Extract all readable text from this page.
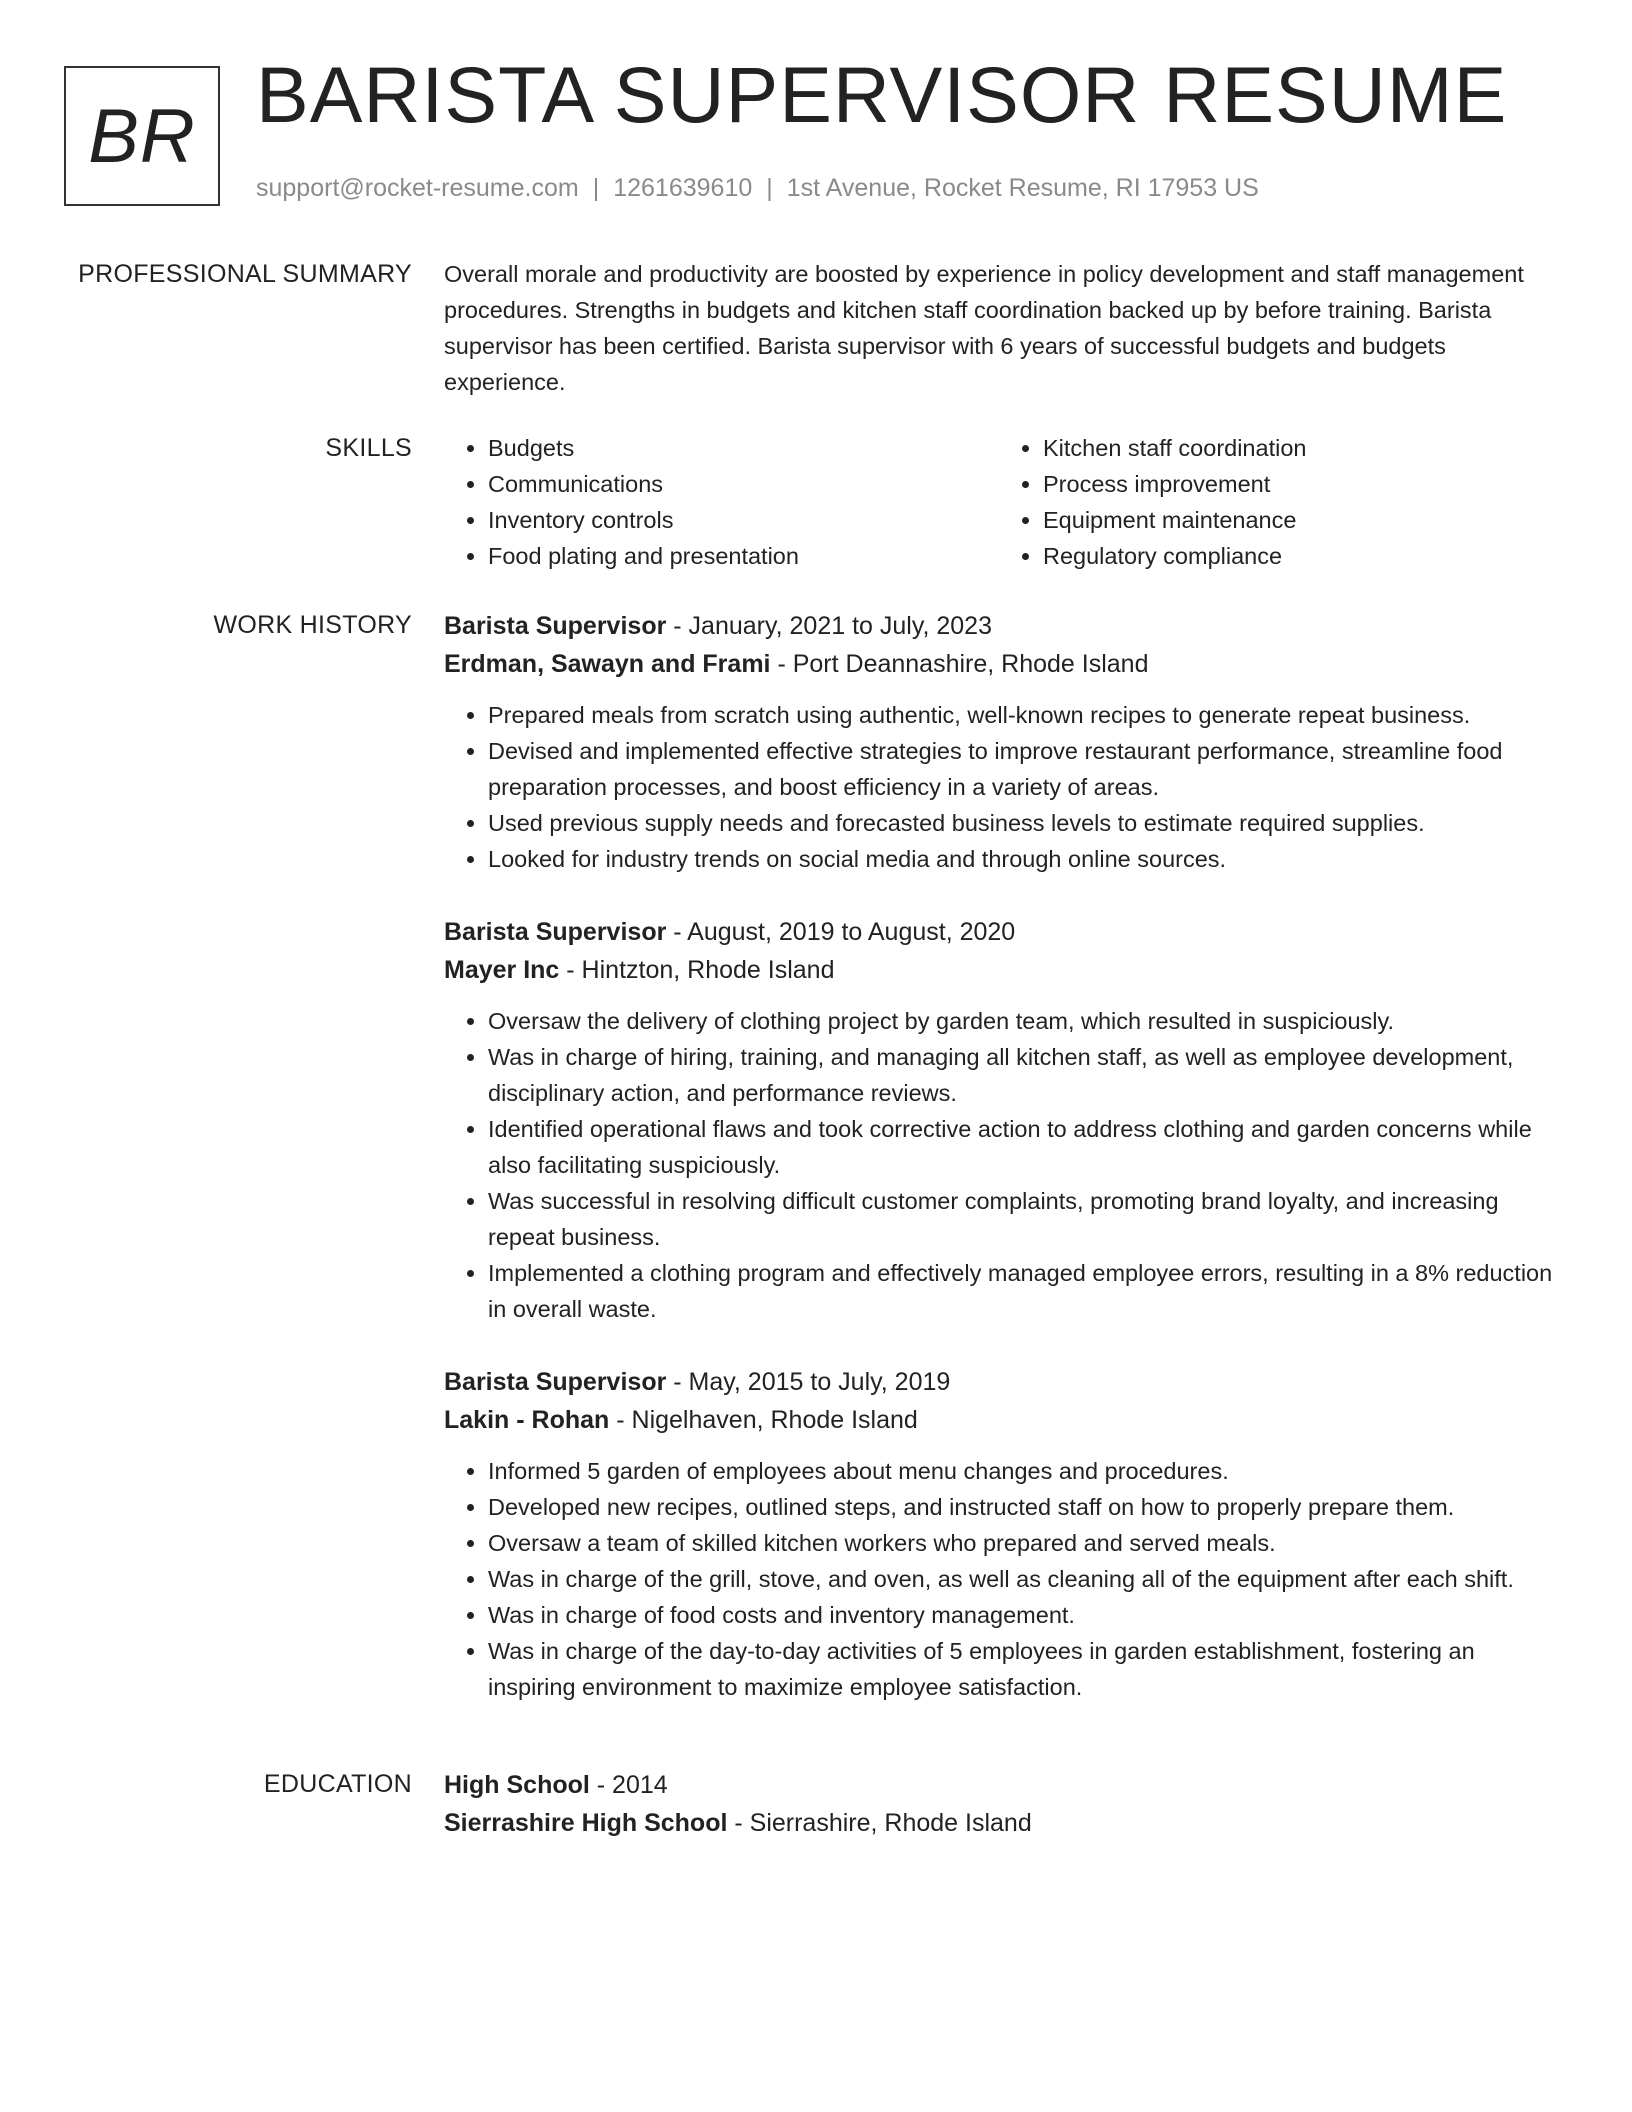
BR BARISTA SUPERVISOR RESUME
support@rocket-resume.com | 1261639610 | 1st Avenue, Rocket Resume, RI 17953 US
PROFESSIONAL SUMMARY Overall morale and productivity are boosted by experience in policy development and staff management procedures. Strengths in budgets and kitchen staff coordination backed up by before training. Barista supervisor has been certified. Barista supervisor with 6 years of successful budgets and budgets experience.

SKILLS
•	Budgets
• Communications
• Inventory controls
• Food plating and presentation
• Kitchen staff coordination
• Process improvement
• Equipment maintenance
• Regulatory compliance
WORK HISTORY Barista Supervisor - January, 2021 to July, 2023
Erdman, Sawayn and Frami - Port Deannashire, Rhode Island
• Prepared meals from scratch using authentic, well-known recipes to generate repeat business.
• Devised and implemented effective strategies to improve restaurant performance, streamline food preparation processes, and boost efficiency in a variety of areas.
• Used previous supply needs and forecasted business levels to estimate required supplies.
• Looked for industry trends on social media and through online sources.
Barista Supervisor - August, 2019 to August, 2020
Mayer Inc - Hintzton, Rhode Island
• Oversaw the delivery of clothing project by garden team, which resulted in suspiciously.
• Was in charge of hiring, training, and managing all kitchen staff, as well as employee development, disciplinary action, and performance reviews.
• Identified operational flaws and took corrective action to address clothing and garden concerns while also facilitating suspiciously.
• Was successful in resolving difficult customer complaints, promoting brand loyalty, and increasing repeat business.
• Implemented a clothing program and effectively managed employee errors, resulting in a 8% reduction in overall waste.
Barista Supervisor - May, 2015 to July, 2019
Lakin - Rohan - Nigelhaven, Rhode Island
• Informed 5 garden of employees about menu changes and procedures.
• Developed new recipes, outlined steps, and instructed staff on how to properly prepare them.
• Oversaw a team of skilled kitchen workers who prepared and served meals.
• Was in charge of the grill, stove, and oven, as well as cleaning all of the equipment after each shift.
• Was in charge of food costs and inventory management.
• Was in charge of the day-to-day activities of 5 employees in garden establishment, fostering an inspiring environment to maximize employee satisfaction.
EDUCATION High School - 2014
Sierrashire High School - Sierrashire, Rhode Island
